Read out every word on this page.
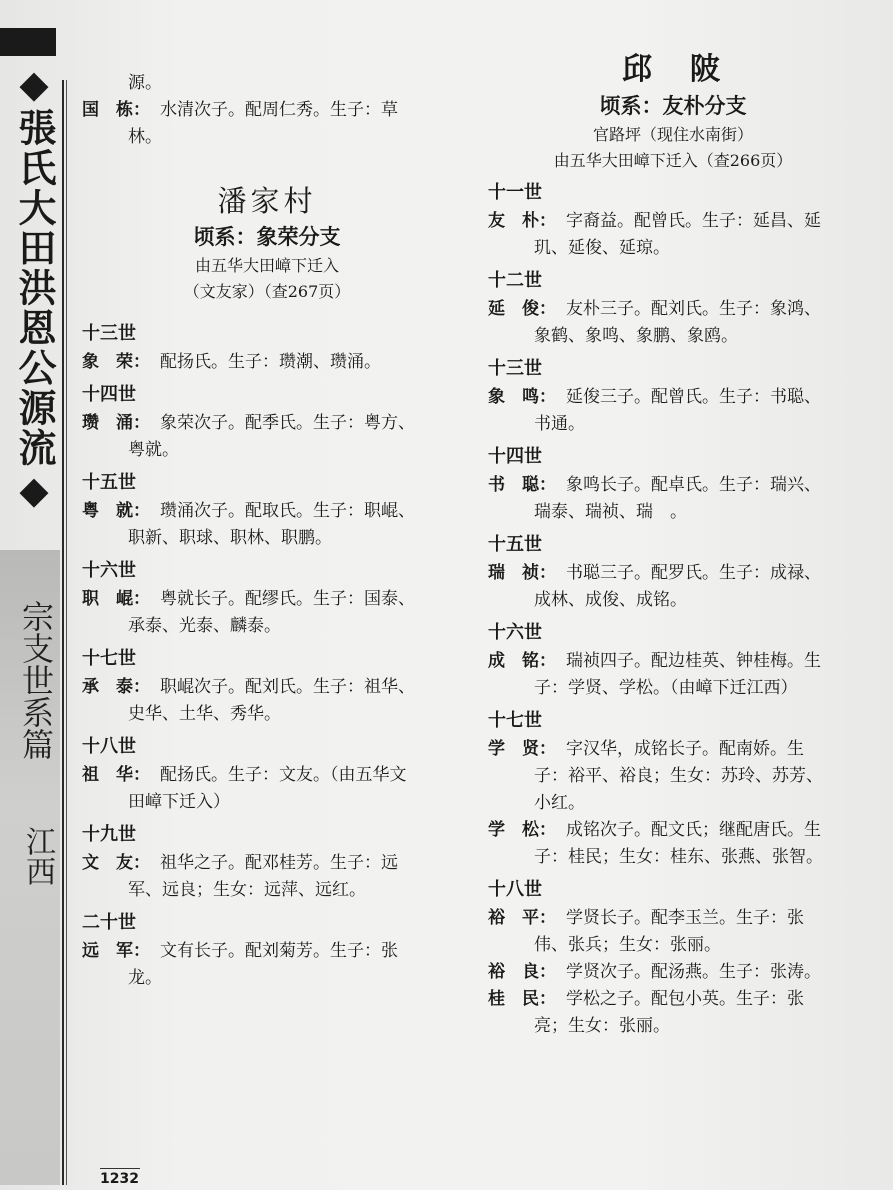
◆張氏大田洪恩公源流◆
宗支世系篇
江西
源。
国　栋： 水清次子。配周仁秀。生子：草
林。
潘家村
顷系：象荣分支
由五华大田嶂下迁入
（文友家）（查267页）
十三世
象　荣： 配扬氏。生子：瓒潮、瓒涌。
十四世
瓒　涌： 象荣次子。配季氏。生子：粤方、
粤就。
十五世
粤　就： 瓒涌次子。配取氏。生子：职崐、
职新、职球、职林、职鹏。
十六世
职　崐： 粤就长子。配缪氏。生子：国泰、
承泰、光泰、麟泰。
十七世
承　泰： 职崐次子。配刘氏。生子：祖华、
史华、土华、秀华。
十八世
祖　华： 配扬氏。生子：文友。（由五华文
田嶂下迁入）
十九世
文　友： 祖华之子。配邓桂芳。生子：远
军、远良；生女：远萍、远红。
二十世
远　军： 文有长子。配刘菊芳。生子：张
龙。
邱　陂
顷系：友朴分支
官路坪（现住水南街）
由五华大田嶂下迁入（查266页）
十一世
友　朴： 字裔益。配曾氏。生子：延昌、延
玑、延俊、延琼。
十二世
延　俊： 友朴三子。配刘氏。生子：象鸿、
象鹤、象鸣、象鹏、象鸥。
十三世
象　鸣： 延俊三子。配曾氏。生子：书聪、
书通。
十四世
书　聪： 象鸣长子。配卓氏。生子：瑞兴、
瑞泰、瑞祯、瑞　。
十五世
瑞　祯： 书聪三子。配罗氏。生子：成禄、
成林、成俊、成铭。
十六世
成　铭： 瑞祯四子。配边桂英、钟桂梅。生
子：学贤、学松。（由嶂下迁江西）
十七世
学　贤： 字汉华，成铭长子。配南娇。生
子：裕平、裕良；生女：苏玲、苏芳、
小红。
学　松： 成铭次子。配文氏；继配唐氏。生
子：桂民；生女：桂东、张燕、张智。
十八世
裕　平： 学贤长子。配李玉兰。生子：张
伟、张兵；生女：张丽。
裕　良： 学贤次子。配汤燕。生子：张涛。
桂　民： 学松之子。配包小英。生子：张
亮；生女：张丽。
1232
